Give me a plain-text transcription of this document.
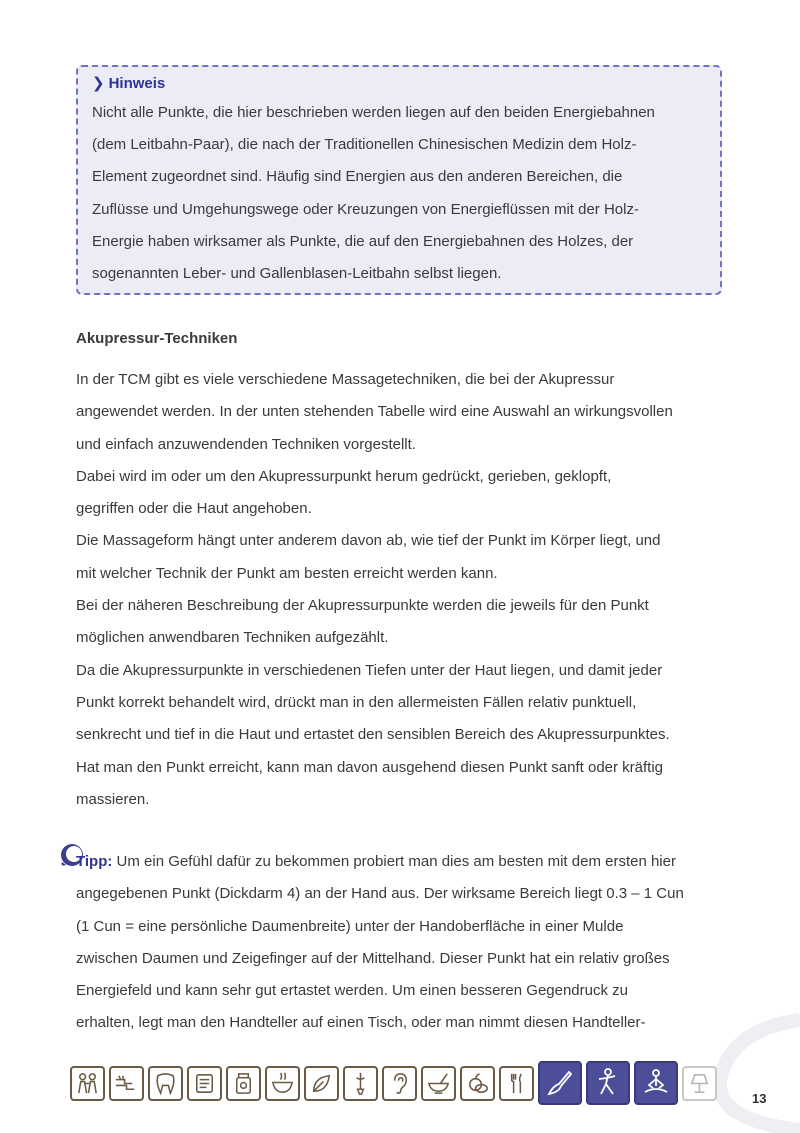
❯ Hinweis
Nicht alle Punkte, die hier beschrieben werden liegen auf den beiden Energiebahnen
(dem Leitbahn-Paar), die nach der Traditionellen Chinesischen Medizin dem Holz-
Element zugeordnet sind. Häufig sind Energien aus den anderen Bereichen, die
Zuflüsse und Umgehungswege oder Kreuzungen von Energieflüssen mit der Holz-
Energie haben wirksamer als Punkte, die auf den Energiebahnen des Holzes, der
sogenannten Leber- und Gallenblasen-Leitbahn selbst liegen.
Akupressur-Techniken
In der TCM gibt es viele verschiedene Massagetechniken, die bei der Akupressur
angewendet werden. In der unten stehenden Tabelle wird eine Auswahl an wirkungsvollen
und einfach anzuwendenden Techniken vorgestellt.
Dabei wird im oder um den Akupressurpunkt herum gedrückt, gerieben, geklopft,
gegriffen oder die Haut angehoben.
Die Massageform hängt unter anderem davon ab, wie tief der Punkt im Körper liegt, und
mit welcher Technik der Punkt am besten erreicht werden kann.
Bei der näheren Beschreibung der Akupressurpunkte werden die jeweils für den Punkt
möglichen anwendbaren Techniken aufgezählt.
Da die Akupressurpunkte in verschiedenen Tiefen unter der Haut liegen, und damit jeder
Punkt korrekt behandelt wird, drückt man in den allermeisten Fällen relativ punktuell,
senkrecht und tief in die Haut und ertastet den sensiblen Bereich des Akupressurpunktes.
Hat man den Punkt erreicht, kann man davon ausgehend diesen Punkt sanft oder kräftig
massieren.
Tipp: Um ein Gefühl dafür zu bekommen probiert man dies am besten mit dem ersten hier
angegebenen Punkt (Dickdarm 4) an der Hand aus. Der wirksame Bereich liegt 0.3 – 1 Cun
(1 Cun = eine persönliche Daumenbreite) unter der Handoberfläche in einer Mulde
zwischen Daumen und Zeigefinger auf der Mittelhand. Dieser Punkt hat ein relativ großes
Energiefeld und kann sehr gut ertastet werden. Um einen besseren Gegendruck zu
erhalten, legt man den Handteller auf einen Tisch, oder man nimmt diesen Handteller-
13
